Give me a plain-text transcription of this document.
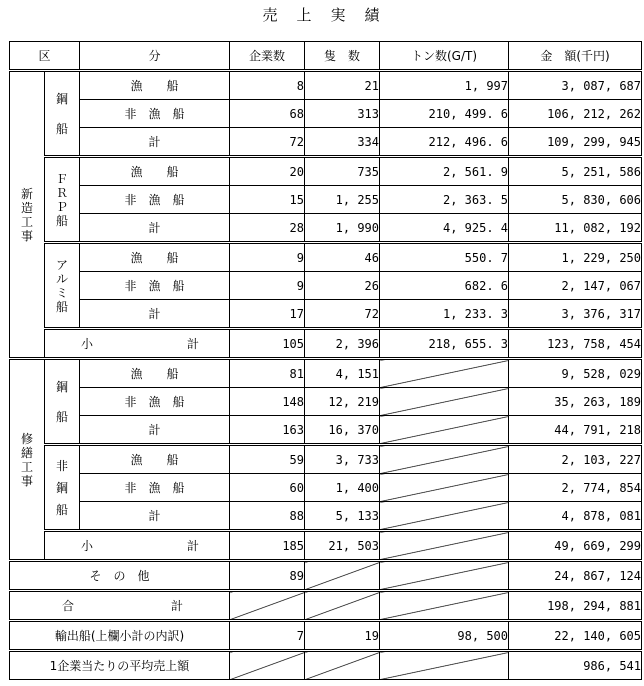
売　上　実　績
区		分	企業数	隻　数	トン数(G/T)	金　額(千円)

新造工事	鋼船	漁　　船	8	21	1, 997	3, 087, 687
		非　漁　船	68	313	210, 499. 6	106, 212, 262
		計	72	334	212, 496. 6	109, 299, 945

	ＦＲＰ船	漁　　船	20	735	2, 561. 9	5, 251, 586
		非　漁　船	15	1, 255	2, 363. 5	5, 830, 606
		計	28	1, 990	4, 925. 4	11, 082, 192

	アルミ船	漁　　船	9	46	550. 7	1, 229, 250
		非　漁　船	9	26	682. 6	2, 147, 067
		計	17	72	1, 233. 3	3, 376, 317

	小 計		105	2, 396	218, 655. 3	123, 758, 454

修繕工事	鋼船	漁　　船	81	4, 151		9, 528, 029
		非　漁　船	148	12, 219		35, 263, 189
		計	163	16, 370		44, 791, 218

	非鋼船	漁　　船	59	3, 733		2, 103, 227
		非　漁　船	60	1, 400		2, 774, 854
		計	88	5, 133		4, 878, 081

	小 計		185	21, 503		49, 669, 299
そ　の　他			89			24, 867, 124

合 計						198, 294, 881
輸出船(上欄小計の内訳)			7	19	98, 500	22, 140, 605
1企業当たりの平均売上額						986, 541
